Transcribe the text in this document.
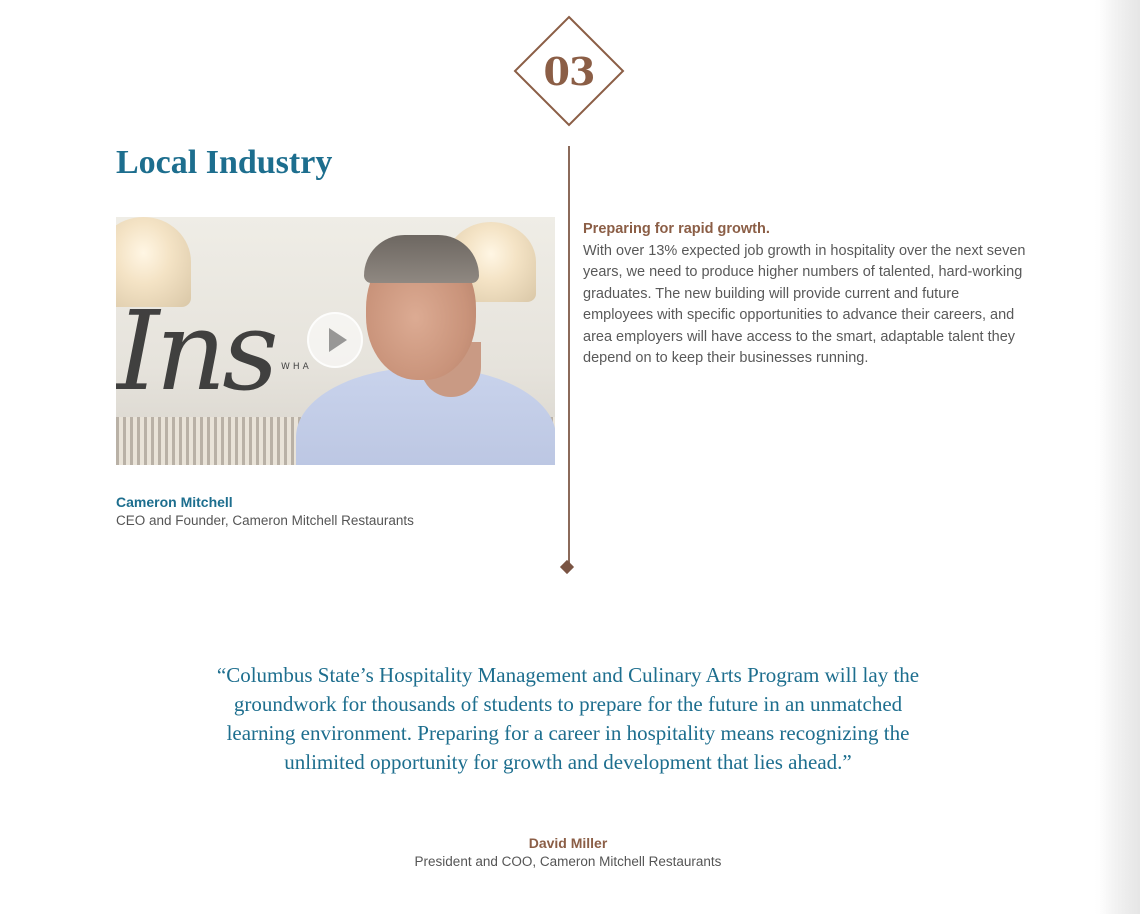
03
Local Industry
Ins WHA
Cameron Mitchell
CEO and Founder, Cameron Mitchell Restaurants

Preparing for rapid growth.

With over 13% expected job growth in hospitality over the next seven years, we need to produce higher numbers of talented, hard-working graduates. The new building will provide current and future employees with specific opportunities to advance their careers, and area employers will have access to the smart, adaptable talent they depend on to keep their businesses running.

“Columbus State’s Hospitality Management and Culinary Arts Program will lay the groundwork for thousands of students to prepare for the future in an unmatched learning environment. Preparing for a career in hospitality means recognizing the unlimited opportunity for growth and development that lies ahead.”

David Miller
President and COO, Cameron Mitchell Restaurants
